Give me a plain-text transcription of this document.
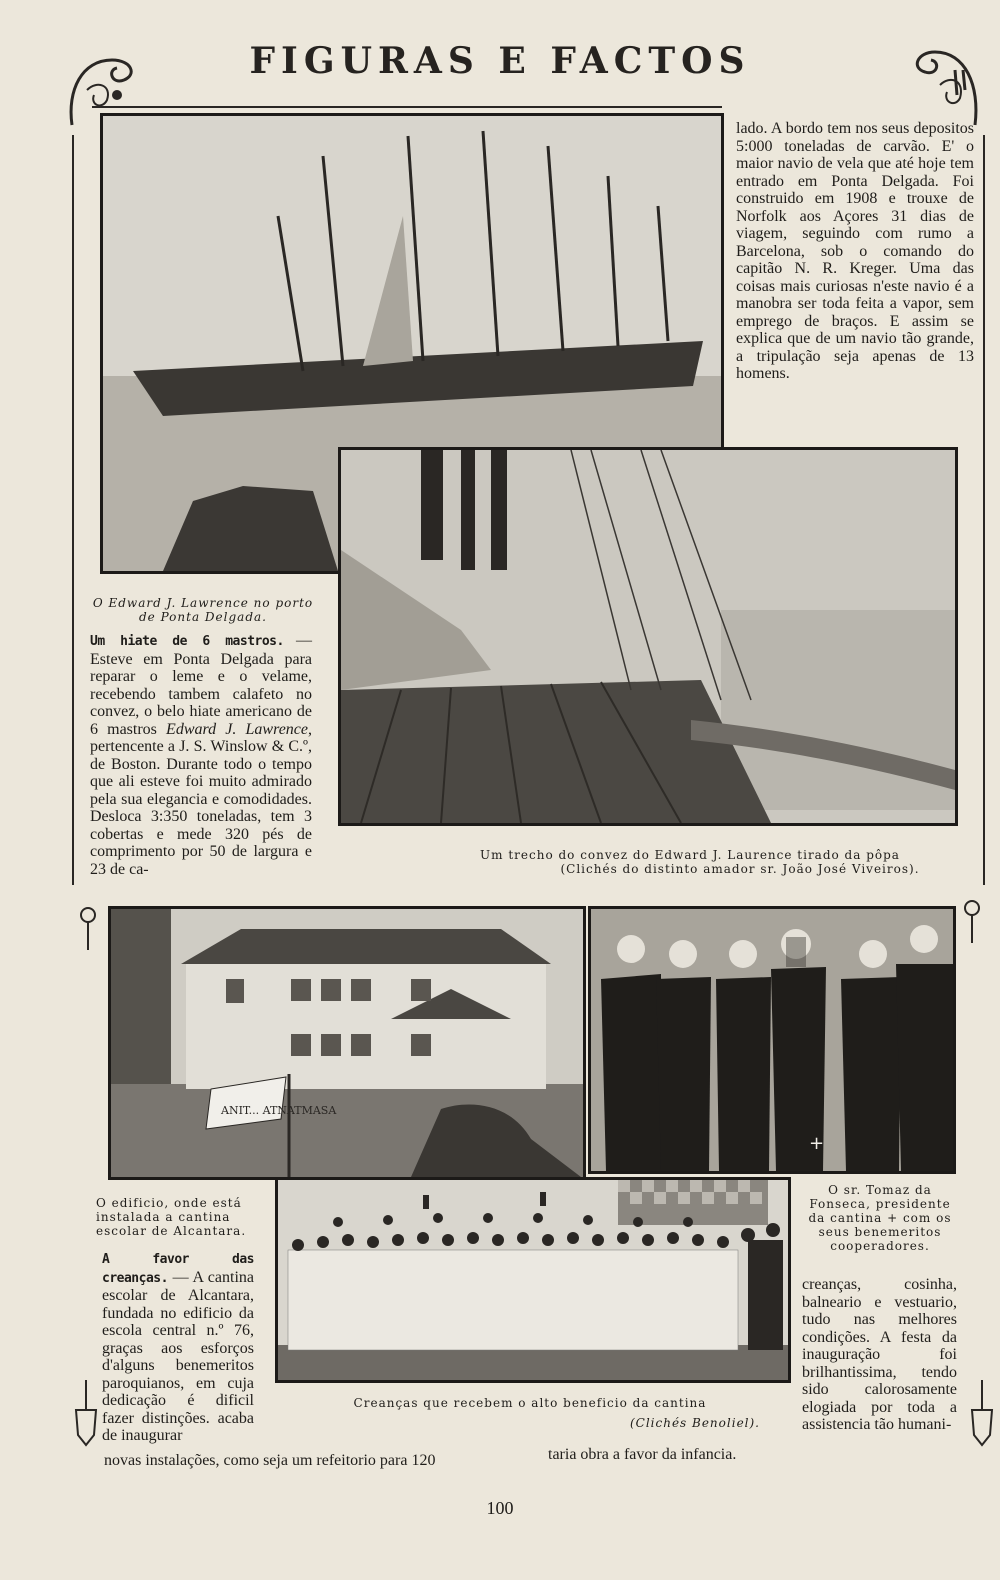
FIGURAS E FACTOS
lado. A bordo tem nos seus depositos 5:000 toneladas de carvão. E' o maior navio de vela que até hoje tem entrado em Ponta Delgada. Foi construido em 1908 e trouxe de Norfolk aos Açores 31 dias de viagem, seguindo com rumo a Barcelona, sob o comando do capitão N. R. Kreger. Uma das coisas mais curiosas n'este navio é a manobra ser toda feita a vapor, sem emprego de braços. E assim se explica que de um navio tão grande, a tripulação seja apenas de 13 homens.
O Edward J. Lawrence no porto de Ponta Delgada.
Um hiate de 6 mastros. — Esteve em Ponta Delgada para reparar o leme e o velame, recebendo tambem calafeto no convez, o belo hiate americano de 6 mastros Edward J. Lawrence, pertencente a J. S. Winslow & C.º, de Boston. Durante todo o tempo que ali esteve foi muito admirado pela sua elegancia e comodidades. Desloca 3:350 toneladas, tem 3 cobertas e mede 320 pés de comprimento por 50 de largura e 23 de ca-
Um trecho do convez do Edward J. Laurence tirado da pôpa
(Clichés do distinto amador sr. João José Viveiros).
ANIT... ATNATMASA
+
O edificio, onde está instalada a cantina escolar de Alcantara.
O sr. Tomaz da Fonseca, presidente da cantina + com os seus benemeritos cooperadores.
A favor das creanças. — A cantina escolar de Alcantara, fundada no edificio da escola central n.º 76, graças aos esforços d'alguns benemeritos paroquianos, em cuja dedicação é dificil fazer distinções. acaba de inaugurar
Creanças que recebem o alto beneficio da cantina
(Clichés Benoliel).
creanças, cosinha, balneario e vestuario, tudo nas melhores condições. A festa da inauguração foi brilhantissima, tendo sido calorosamente elogiada por toda a assistencia tão humani-
novas instalações, como seja um refeitorio para 120	taria obra a favor da infancia.
100
